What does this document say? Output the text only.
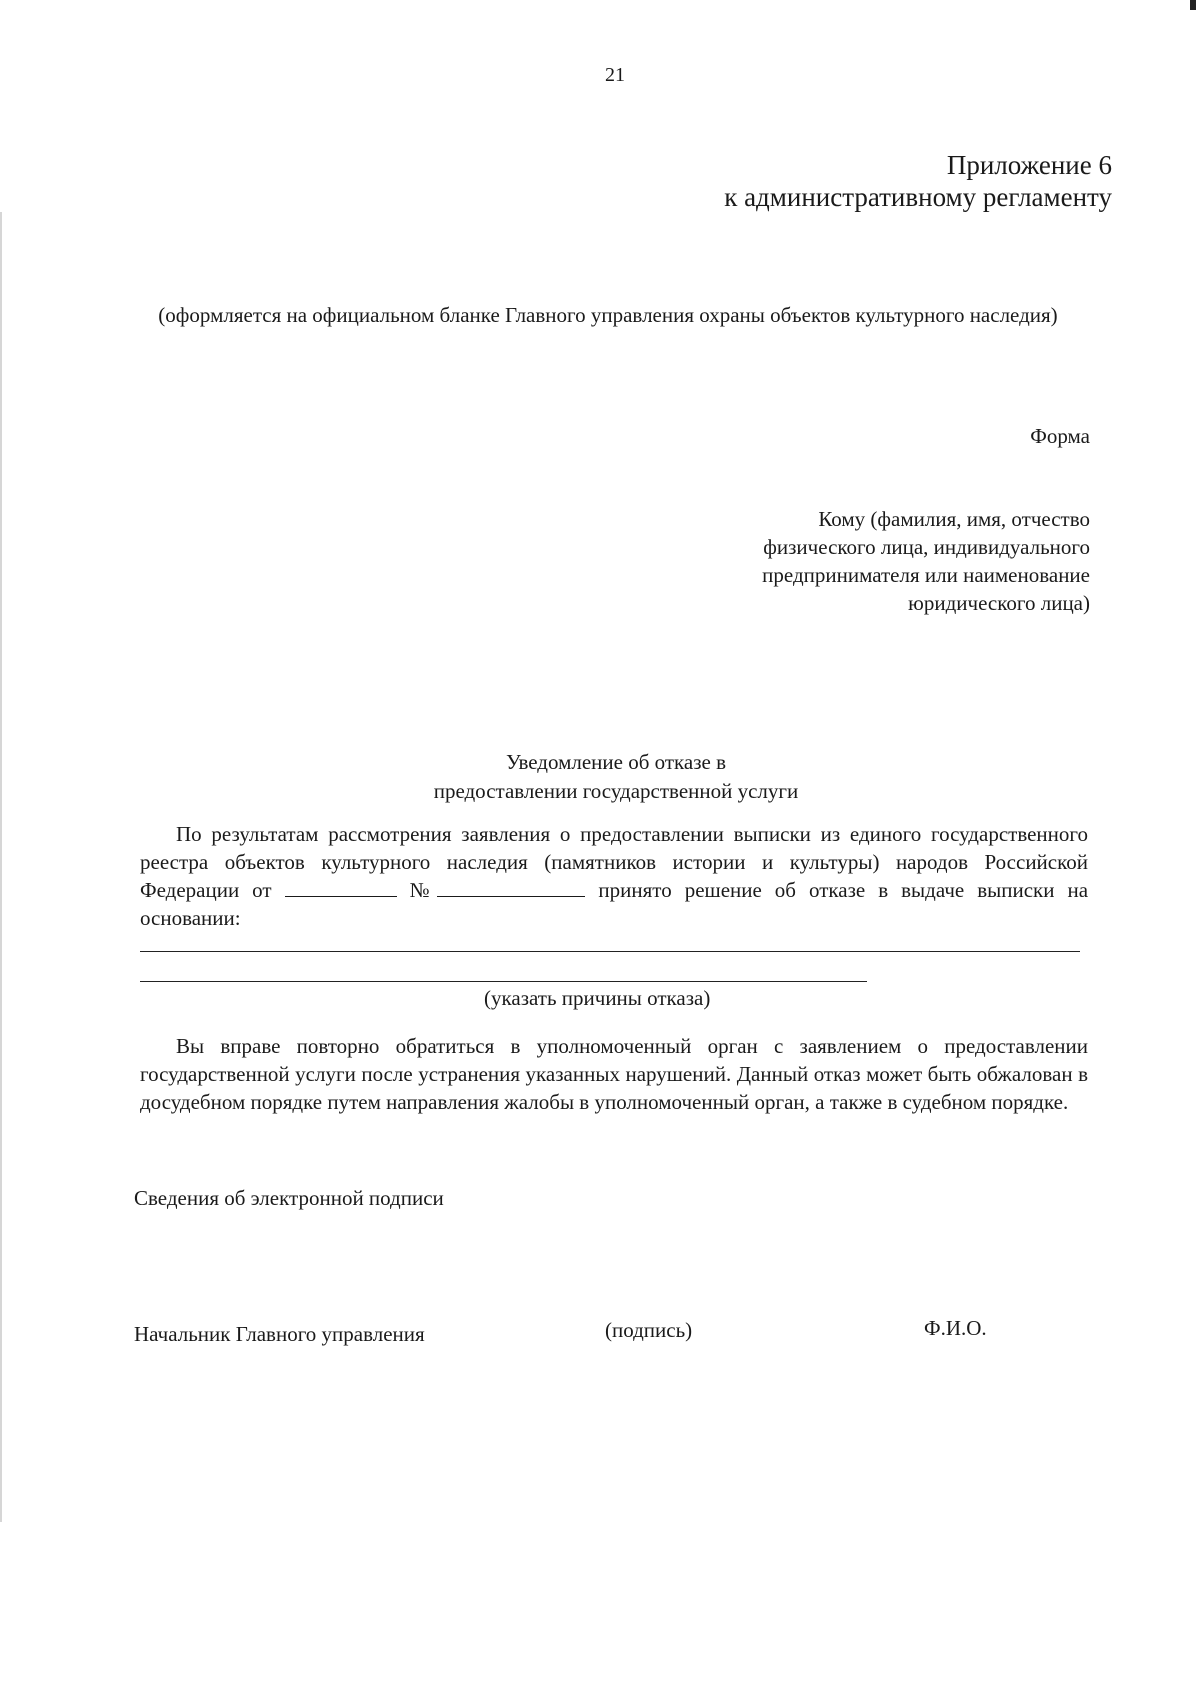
21
Приложение 6
к административному регламенту
(оформляется на официальном бланке Главного управления охраны объектов культурного наследия)
Форма
Кому (фамилия, имя, отчество
физического лица, индивидуального
предпринимателя или наименование
юридического лица)
Уведомление об отказе в
предоставлении государственной услуги
По результатам рассмотрения заявления о предоставлении выписки из единого государственного реестра объектов культурного наследия (памятников истории и культуры) народов Российской Федерации от	№	принято решение об отказе в выдаче выписки на основании:
(указать причины отказа)
Вы вправе повторно обратиться в уполномоченный орган с заявлением о предоставлении государственной услуги после устранения указанных нарушений. Данный отказ может быть обжалован в досудебном порядке путем направления жалобы в уполномоченный орган, а также в судебном порядке.
Сведения об электронной подписи
Начальник Главного управления	(подпись)	Ф.И.О.
